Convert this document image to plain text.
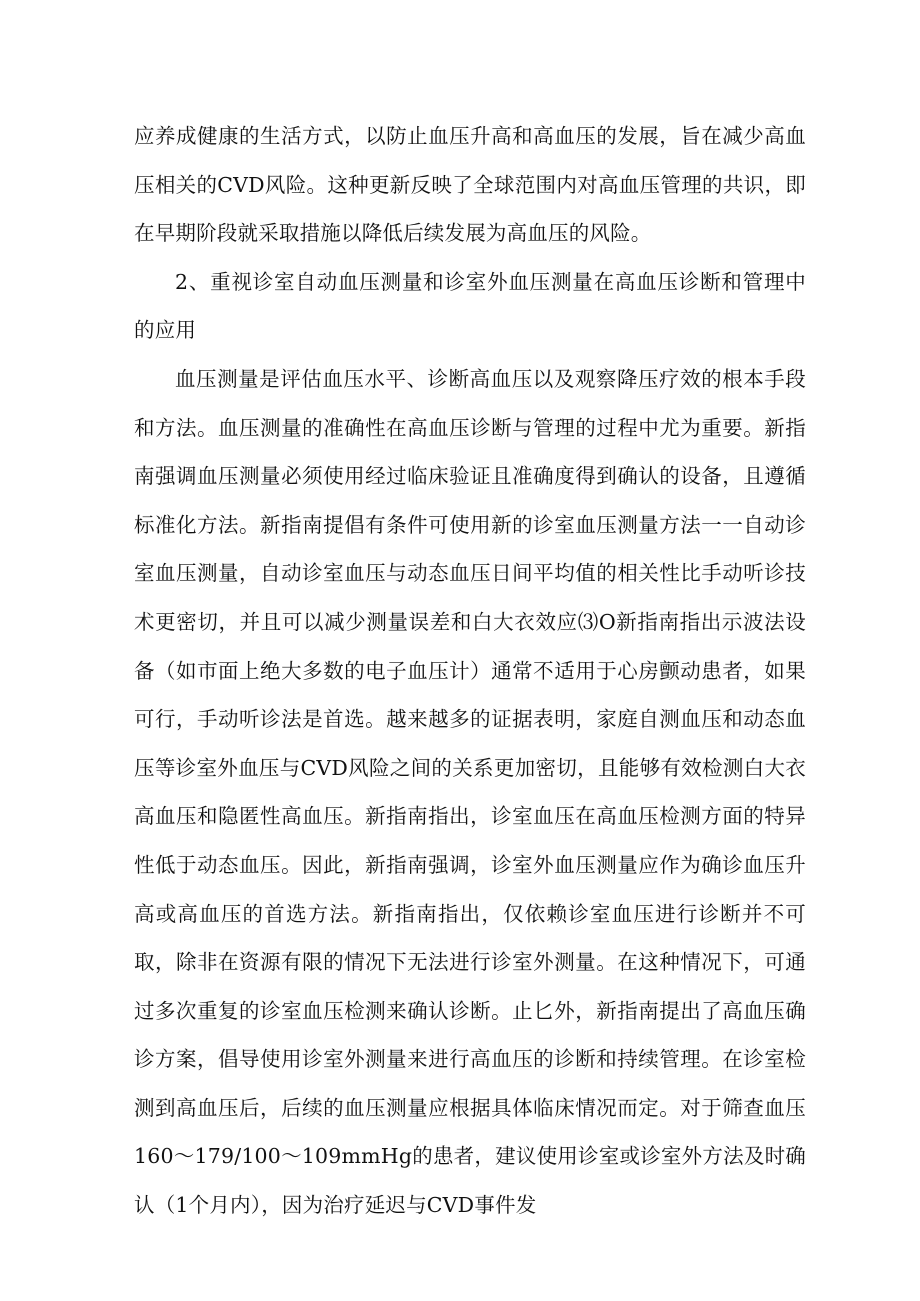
应养成健康的生活方式，以防止血压升高和高血压的发展，旨在减少高血压相关的CVD风险。这种更新反映了全球范围内对高血压管理的共识，即在早期阶段就采取措施以降低后续发展为高血压的风险。

2、重视诊室自动血压测量和诊室外血压测量在高血压诊断和管理中的应用

血压测量是评估血压水平、诊断高血压以及观察降压疗效的根本手段和方法。血压测量的准确性在高血压诊断与管理的过程中尤为重要。新指南强调血压测量必须使用经过临床验证且准确度得到确认的设备，且遵循标准化方法。新指南提倡有条件可使用新的诊室血压测量方法一一自动诊室血压测量，自动诊室血压与动态血压日间平均值的相关性比手动听诊技术更密切，并且可以减少测量误差和白大衣效应⑶O新指南指出示波法设备（如市面上绝大多数的电子血压计）通常不适用于心房颤动患者，如果可行，手动听诊法是首选。越来越多的证据表明，家庭自测血压和动态血压等诊室外血压与CVD风险之间的关系更加密切，且能够有效检测白大衣高血压和隐匿性高血压。新指南指出，诊室血压在高血压检测方面的特异性低于动态血压。因此，新指南强调，诊室外血压测量应作为确诊血压升高或高血压的首选方法。新指南指出，仅依赖诊室血压进行诊断并不可取，除非在资源有限的情况下无法进行诊室外测量。在这种情况下，可通过多次重复的诊室血压检测来确认诊断。止匕外，新指南提出了高血压确诊方案，倡导使用诊室外测量来进行高血压的诊断和持续管理。在诊室检测到高血压后，后续的血压测量应根据具体临床情况而定。对于筛查血压160〜179/100〜109mmHg的患者，建议使用诊室或诊室外方法及时确认（1个月内），因为治疗延迟与CVD事件发
